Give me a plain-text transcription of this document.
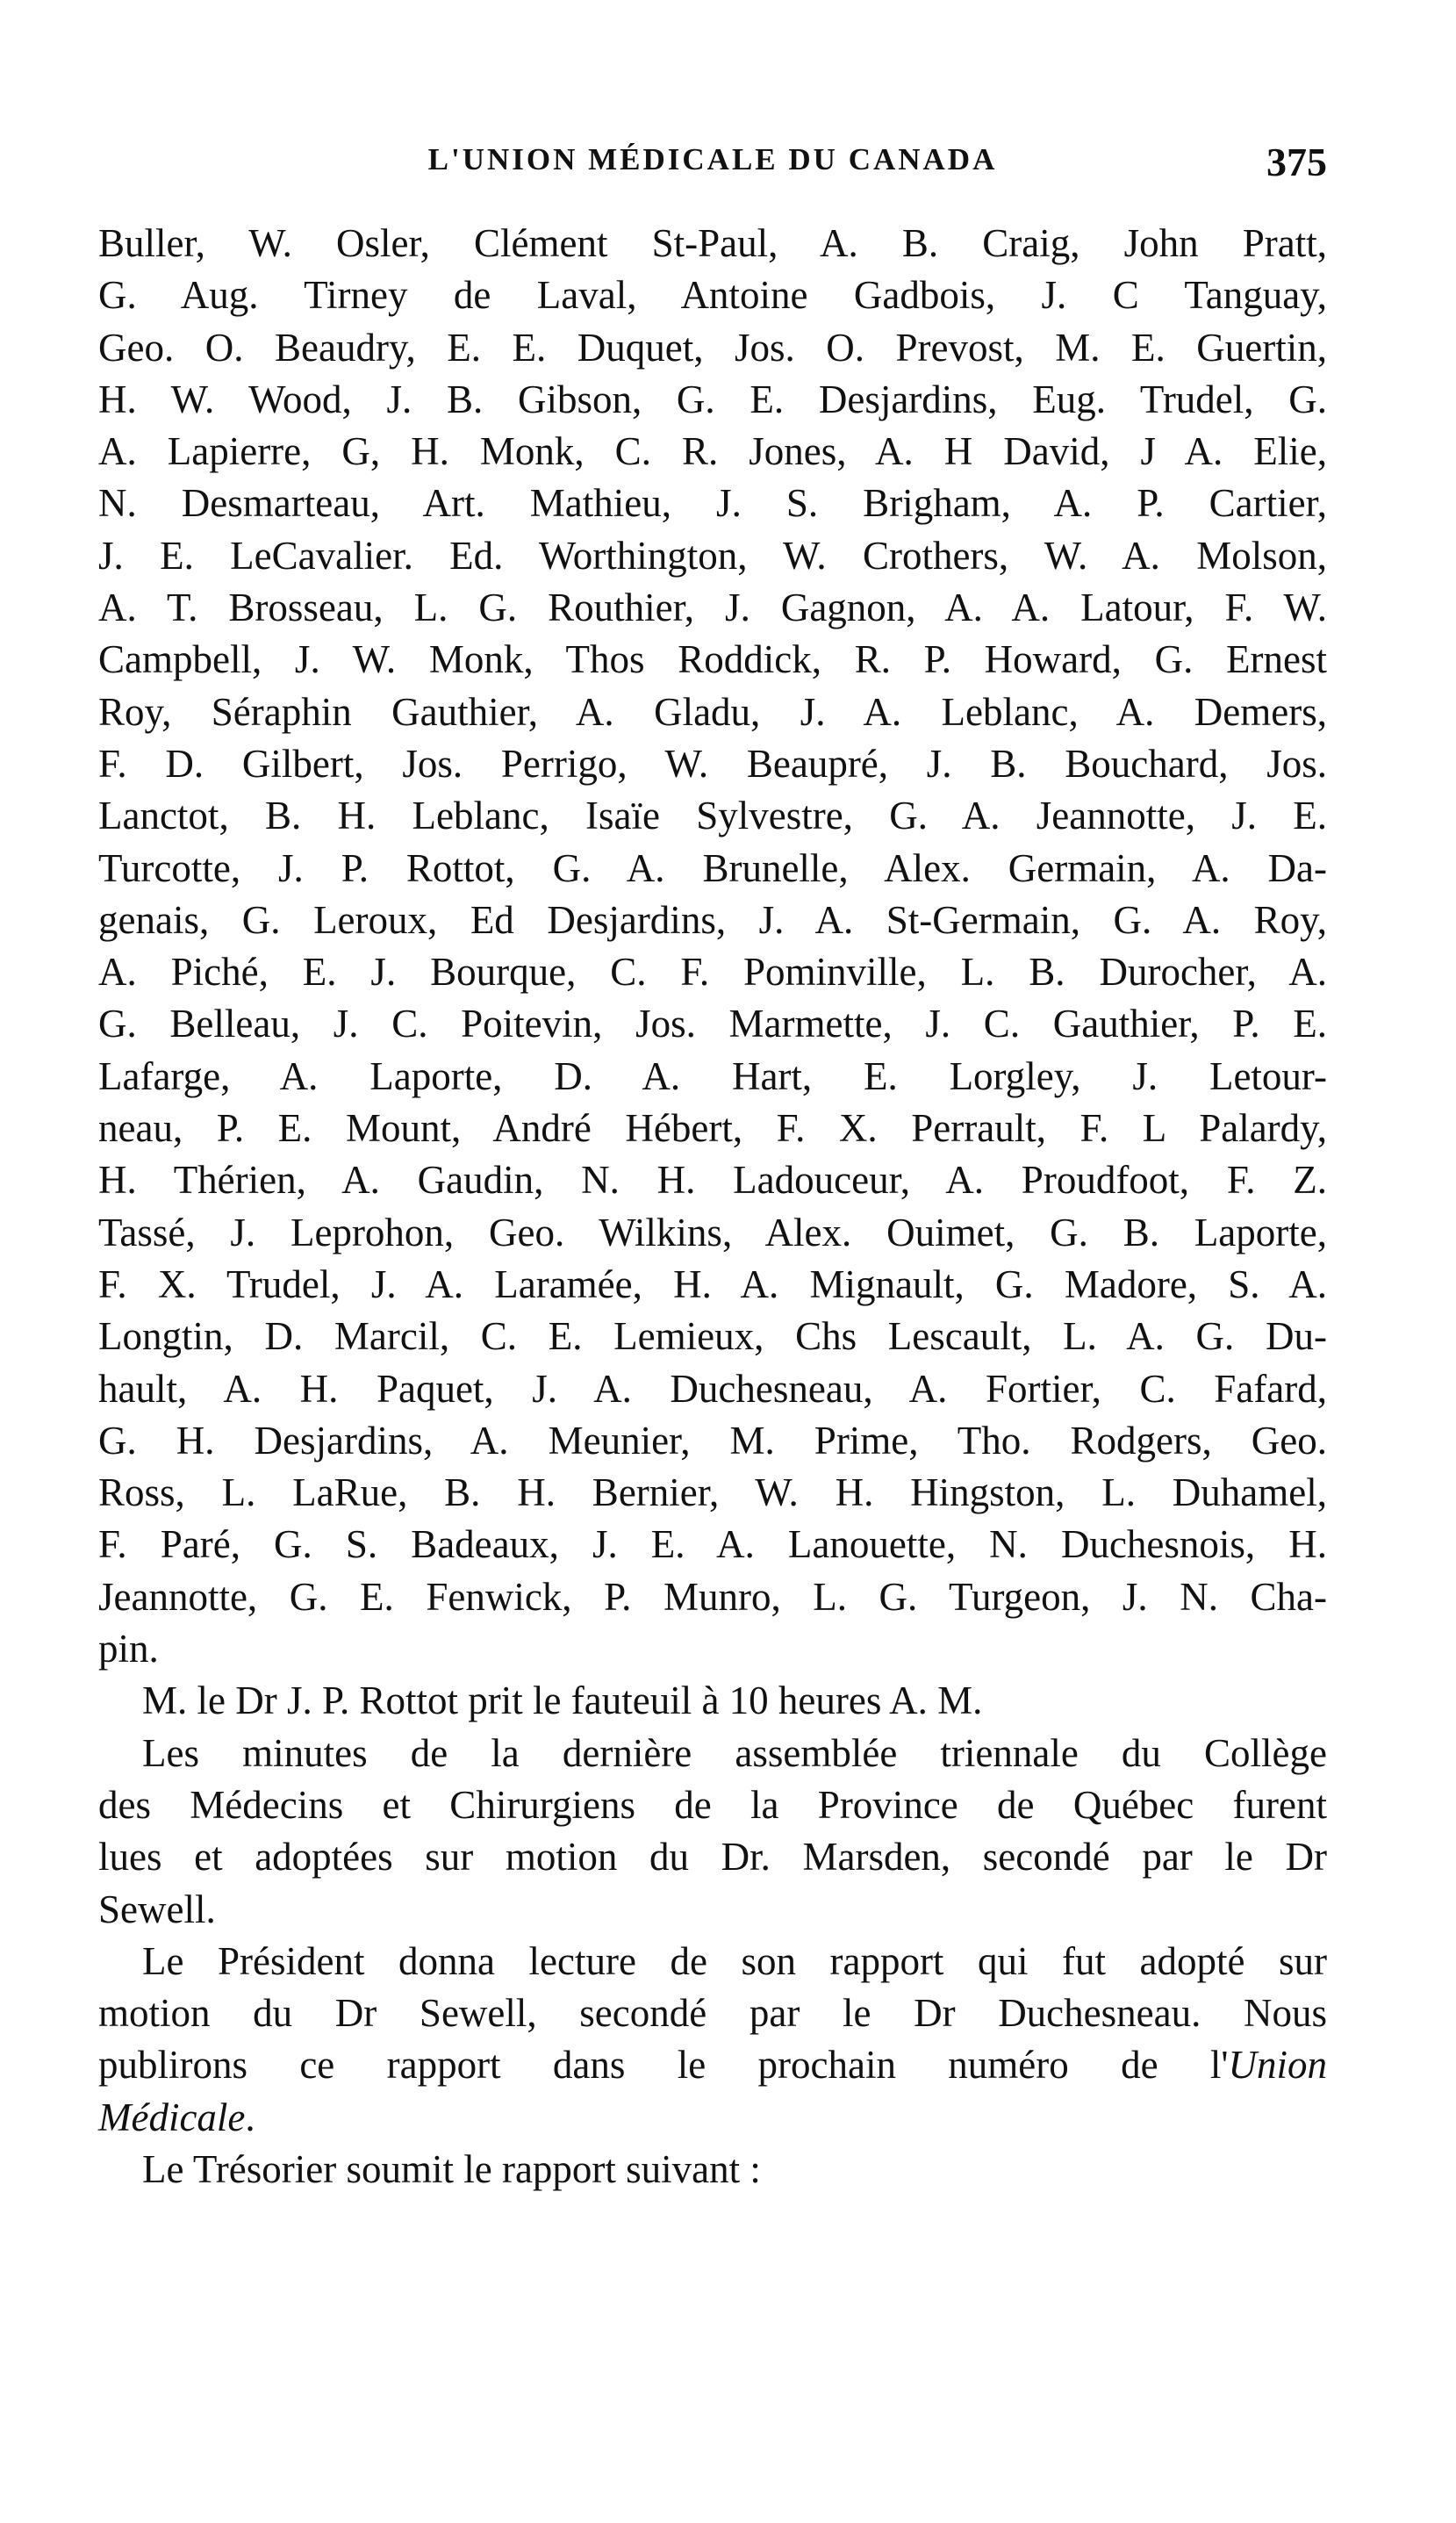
L'UNION MÉDICALE DU CANADA	375
Buller, W. Osler, Clément St-Paul, A. B. Craig, John Pratt,
G. Aug. Tirney de Laval, Antoine Gadbois, J. C Tanguay,
Geo. O. Beaudry, E. E. Duquet, Jos. O. Prevost, M. E. Guertin,
H. W. Wood, J. B. Gibson, G. E. Desjardins, Eug. Trudel, G.
A. Lapierre, G, H. Monk, C. R. Jones, A. H David, J A. Elie,
N. Desmarteau, Art. Mathieu, J. S. Brigham, A. P. Cartier,
J. E. LeCavalier. Ed. Worthington, W. Crothers, W. A. Molson,
A. T. Brosseau, L. G. Routhier, J. Gagnon, A. A. Latour, F. W.
Campbell, J. W. Monk, Thos Roddick, R. P. Howard, G. Ernest
Roy, Séraphin Gauthier, A. Gladu, J. A. Leblanc, A. Demers,
F. D. Gilbert, Jos. Perrigo, W. Beaupré, J. B. Bouchard, Jos.
Lanctot, B. H. Leblanc, Isaïe Sylvestre, G. A. Jeannotte, J. E.
Turcotte, J. P. Rottot, G. A. Brunelle, Alex. Germain, A. Da-
genais, G. Leroux, Ed Desjardins, J. A. St-Germain, G. A. Roy,
A. Piché, E. J. Bourque, C. F. Pominville, L. B. Durocher, A.
G. Belleau, J. C. Poitevin, Jos. Marmette, J. C. Gauthier, P. E.
Lafarge, A. Laporte, D. A. Hart, E. Lorgley, J. Letour-
neau, P. E. Mount, André Hébert, F. X. Perrault, F. L Palardy,
H. Thérien, A. Gaudin, N. H. Ladouceur, A. Proudfoot, F. Z.
Tassé, J. Leprohon, Geo. Wilkins, Alex. Ouimet, G. B. Laporte,
F. X. Trudel, J. A. Laramée, H. A. Mignault, G. Madore, S. A.
Longtin, D. Marcil, C. E. Lemieux, Chs Lescault, L. A. G. Du-
hault, A. H. Paquet, J. A. Duchesneau, A. Fortier, C. Fafard,
G. H. Desjardins, A. Meunier, M. Prime, Tho. Rodgers, Geo.
Ross, L. LaRue, B. H. Bernier, W. H. Hingston, L. Duhamel,
F. Paré, G. S. Badeaux, J. E. A. Lanouette, N. Duchesnois, H.
Jeannotte, G. E. Fenwick, P. Munro, L. G. Turgeon, J. N. Cha-
pin.
M. le Dr J. P. Rottot prit le fauteuil à 10 heures A. M.
Les minutes de la dernière assemblée triennale du Collège
des Médecins et Chirurgiens de la Province de Québec furent
lues et adoptées sur motion du Dr. Marsden, secondé par le Dr
Sewell.
Le Président donna lecture de son rapport qui fut adopté sur
motion du Dr Sewell, secondé par le Dr Duchesneau. Nous
publirons ce rapport dans le prochain numéro de l'Union
Médicale.
Le Trésorier soumit le rapport suivant :
